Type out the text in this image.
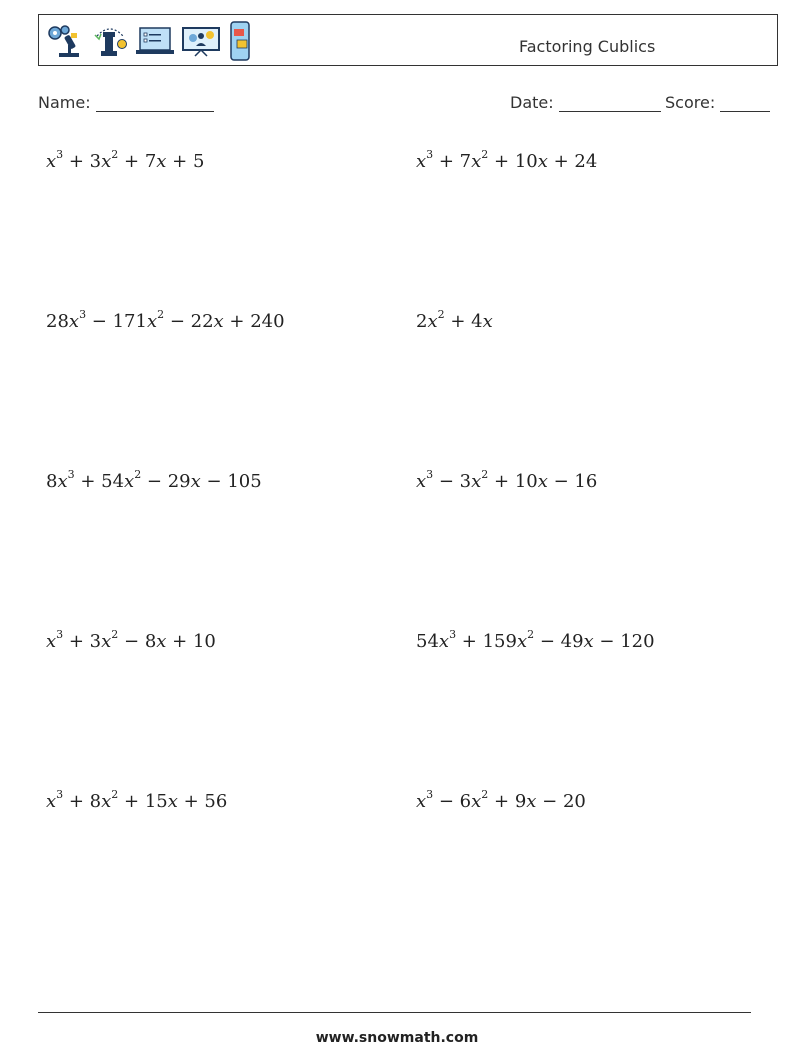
Factoring Cublics
Name:	Date:	Score:
$x^3 + 3x^2 + 7x + 5$	$x^3 + 7x^2 + 10x + 24$
$28x^3 - 171x^2 - 22x + 240$	$2x^2 + 4x$
$8x^3 + 54x^2 - 29x - 105$	$x^3 - 3x^2 + 10x - 16$
$x^3 + 3x^2 - 8x + 10$	$54x^3 + 159x^2 - 49x - 120$
$x^3 + 8x^2 + 15x + 56$	$x^3 - 6x^2 + 9x - 20$
www.snowmath.com
